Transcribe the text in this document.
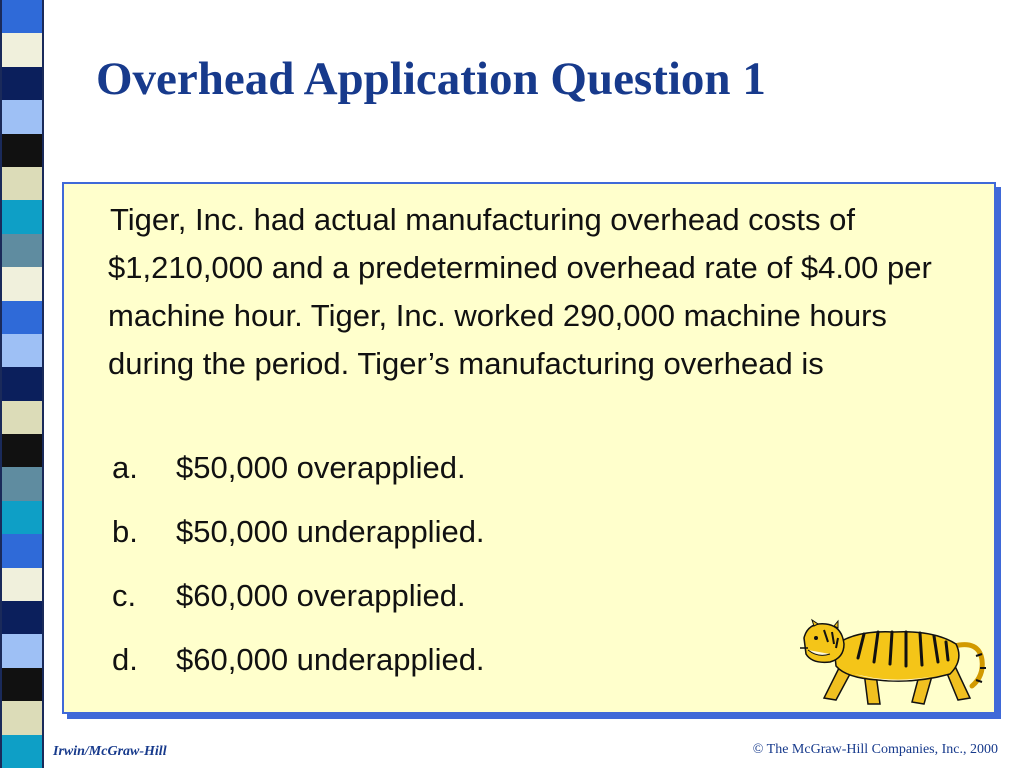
Overhead Application Question 1

Tiger, Inc. had actual manufacturing overhead costs of $1,210,000 and a predetermined overhead rate of $4.00 per machine hour. Tiger, Inc. worked 290,000 machine hours during the period. Tiger’s manufacturing overhead is

a. $50,000 overapplied.
b. $50,000 underapplied.
c. $60,000 overapplied.
d. $60,000 underapplied.
Irwin/McGraw-Hill	© The McGraw-Hill Companies, Inc., 2000
